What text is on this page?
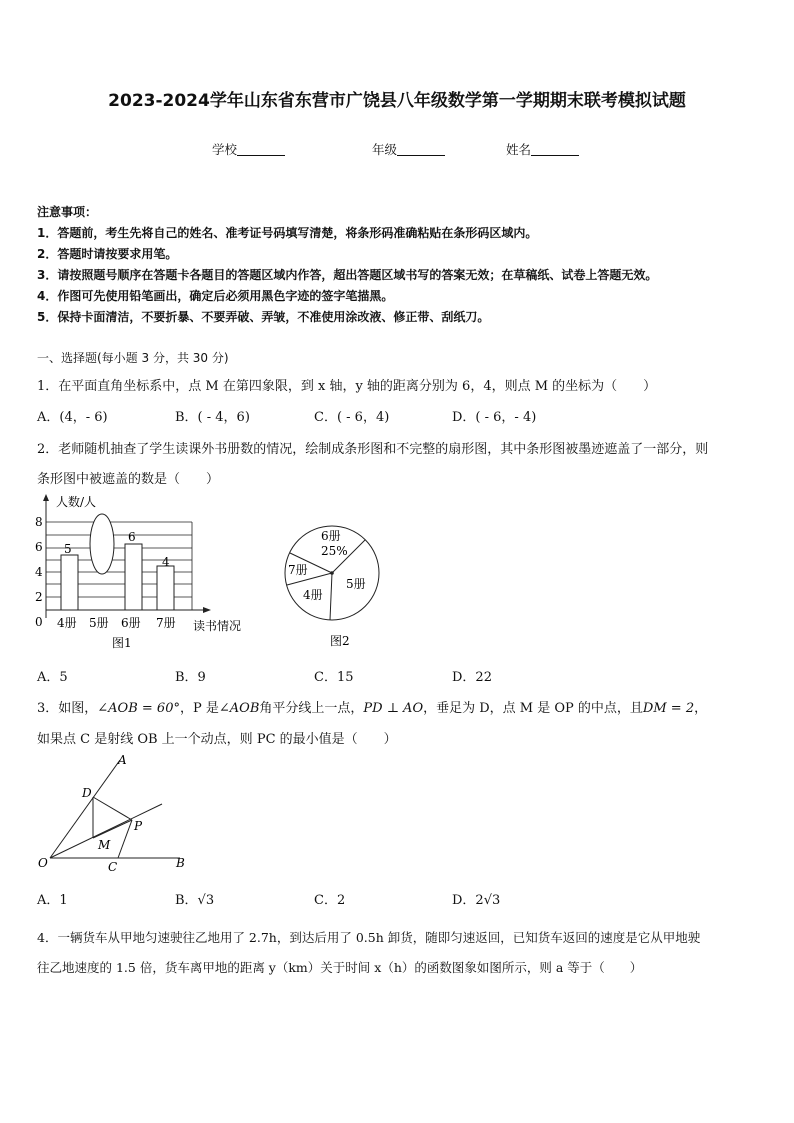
2023-2024学年山东省东营市广饶县八年级数学第一学期期末联考模拟试题
学校	年级	姓名
注意事项：
1．答题前，考生先将自己的姓名、准考证号码填写清楚，将条形码准确粘贴在条形码区域内。
2．答题时请按要求用笔。
3．请按照题号顺序在答题卡各题目的答题区域内作答，超出答题区域书写的答案无效；在草稿纸、试卷上答题无效。
4．作图可先使用铅笔画出，确定后必须用黑色字迹的签字笔描黑。
5．保持卡面清洁，不要折暴、不要弄破、弄皱，不准使用涂改液、修正带、刮纸刀。
一、选择题(每小题 3 分，共 30 分)
1．在平面直角坐标系中，点 M 在第四象限，到 x 轴，y 轴的距离分别为 6，4，则点 M 的坐标为（　　）
A．(4，- 6)	B．( - 4，6)	C．( - 6，4)	D．( - 6，- 4)
2．老师随机抽查了学生读课外书册数的情况，绘制成条形图和不完整的扇形图，其中条形图被墨迹遮盖了一部分，则
条形图中被遮盖的数是（　　）
人数/人
读书情况
8
6
4
2
0 4册 5册 6册 7册
5
6
4
图1
6册
25%
7册
4册
5册
图2
A．5	B．9	C．15	D．22
3．如图，∠AOB = 60°，P 是∠AOB角平分线上一点，PD ⊥ AO，垂足为 D，点 M 是 OP 的中点，且DM = 2，
如果点 C 是射线 OB 上一个动点，则 PC 的最小值是（　　）
A
D
P
M
O	C	B
A．1	B．√3	C．2	D．2√3
4．一辆货车从甲地匀速驶往乙地用了 2.7h，到达后用了 0.5h 卸货，随即匀速返回，已知货车返回的速度是它从甲地驶
往乙地速度的 1.5 倍，货车离甲地的距离 y（km）关于时间 x（h）的函数图象如图所示，则 a 等于（　　）
